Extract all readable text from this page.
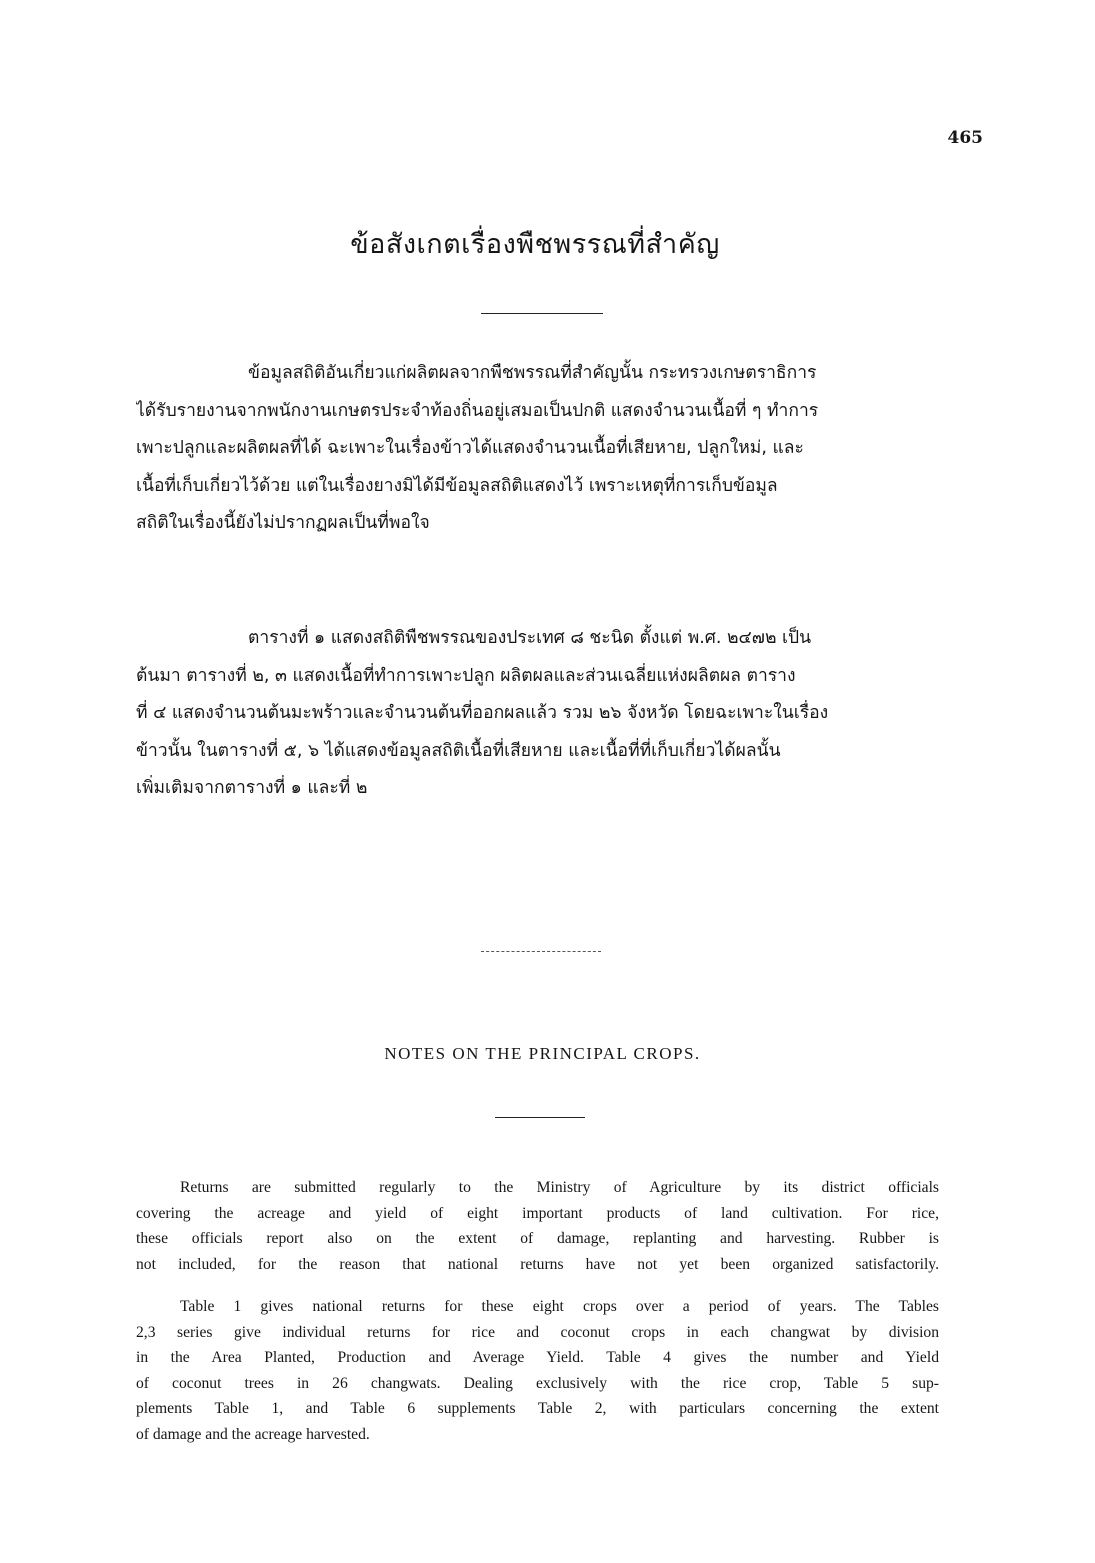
465
ข้อสังเกตเรื่องพืชพรรณที่สำคัญ
ข้อมูลสถิติอันเกี่ยวแก่ผลิตผลจากพืชพรรณที่สำคัญนั้น กระทรวงเกษตราธิการ
ได้รับรายงานจากพนักงานเกษตรประจำท้องถิ่นอยู่เสมอเป็นปกติ แสดงจำนวนเนื้อที่ ๆ ทำการ
เพาะปลูกและผลิตผลที่ได้ ฉะเพาะในเรื่องข้าวได้แสดงจำนวนเนื้อที่เสียหาย, ปลูกใหม่, และ
เนื้อที่เก็บเกี่ยวไว้ด้วย แต่ในเรื่องยางมิได้มีข้อมูลสถิติแสดงไว้ เพราะเหตุที่การเก็บข้อมูล
สถิติในเรื่องนี้ยังไม่ปรากฏผลเป็นที่พอใจ
ตารางที่ ๑ แสดงสถิติพืชพรรณของประเทศ ๘ ชะนิด ตั้งแต่ พ.ศ. ๒๔๗๒ เป็น
ต้นมา ตารางที่ ๒, ๓ แสดงเนื้อที่ทำการเพาะปลูก ผลิตผลและส่วนเฉลี่ยแห่งผลิตผล ตาราง
ที่ ๔ แสดงจำนวนต้นมะพร้าวและจำนวนต้นที่ออกผลแล้ว รวม ๒๖ จังหวัด โดยฉะเพาะในเรื่อง
ข้าวนั้น ในตารางที่ ๕, ๖ ได้แสดงข้อมูลสถิติเนื้อที่เสียหาย และเนื้อที่ที่เก็บเกี่ยวได้ผลนั้น
เพิ่มเติมจากตารางที่ ๑ และที่ ๒
NOTES ON THE PRINCIPAL CROPS.
Returns are submitted regularly to the Ministry of Agriculture by its district officials
covering the acreage and yield of eight important products of land cultivation. For rice,
these officials report also on the extent of damage, replanting and harvesting. Rubber is
not included, for the reason that national returns have not yet been organized satisfactorily.
Table 1 gives national returns for these eight crops over a period of years. The Tables
2,3 series give individual returns for rice and coconut crops in each changwat by division
in the Area Planted, Production and Average Yield. Table 4 gives the number and Yield
of coconut trees in 26 changwats. Dealing exclusively with the rice crop, Table 5 sup-
plements Table 1, and Table 6 supplements Table 2, with particulars concerning the extent
of damage and the acreage harvested.
